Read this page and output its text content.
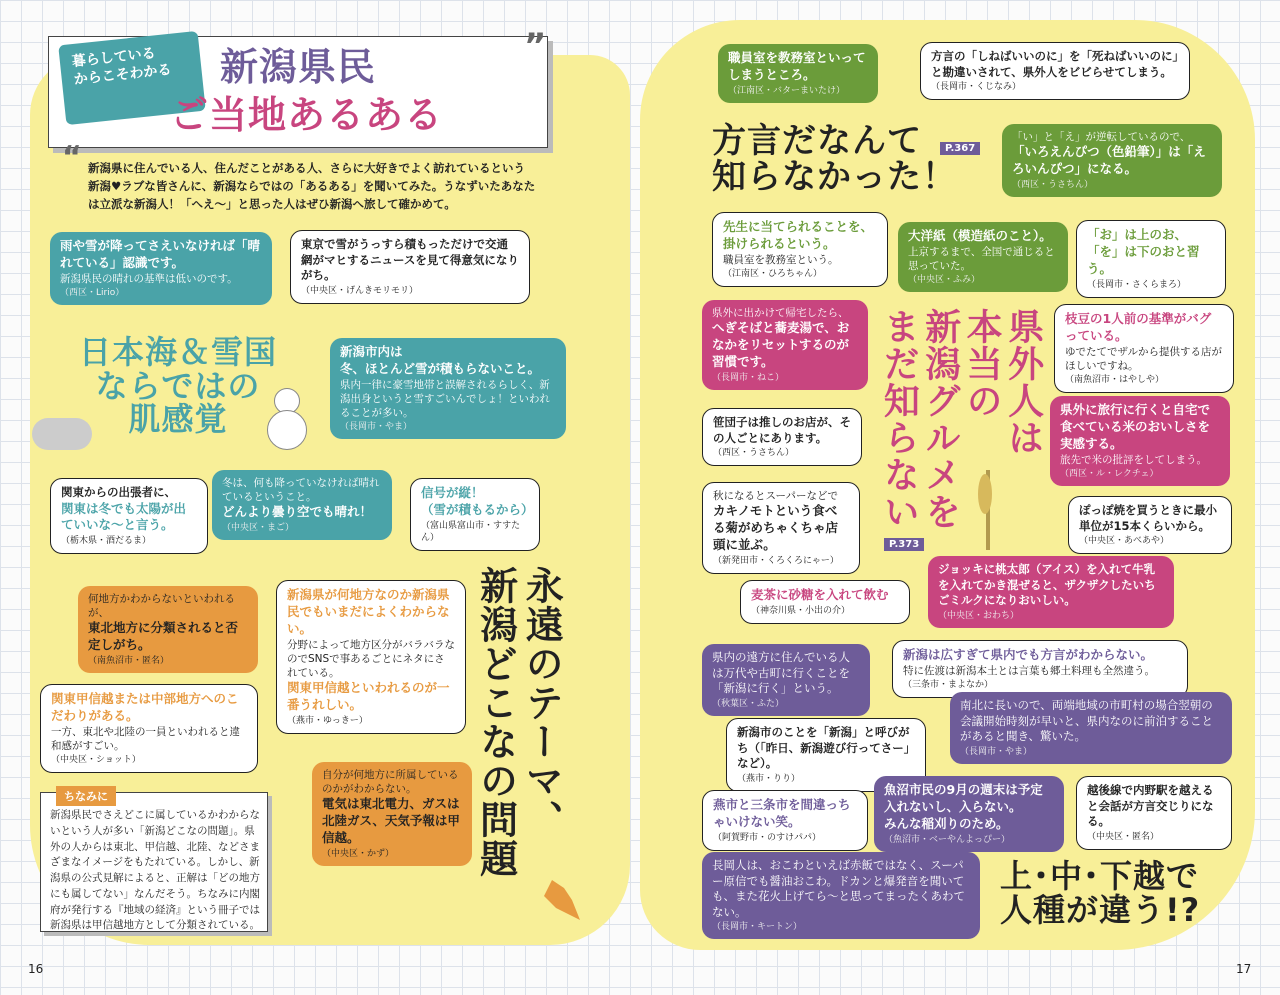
暮らしている
からこそわかる	新潟県民
ご当地あるある
”
“ 新潟県に住んでいる人、住んだことがある人、さらに大好きでよく訪れているという新潟♥ラブな皆さんに、新潟ならではの「あるある」を聞いてみた。うなずいたあなたは立派な新潟人！「へえ～」と思った人はぜひ新潟へ旅して確かめて。

雨や雪が降ってさえいなければ「晴れている」認識です。

新潟県民の晴れの基準は低いのです。

（西区・Lirio）

東京で雪がうっすら積もっただけで交通網がマヒするニュースを見て得意気になりがち。

（中央区・げんきモリモリ）
日本海＆雪国
ならではの
肌感覚

新潟市内は
冬、ほとんど雪が積もらないこと。

県内一律に豪雪地帯と誤解されるらしく、新潟出身というと雪すごいんでしょ！といわれることが多い。

（長岡市・やま）

関東からの出張者に、

関東は冬でも太陽が出ていいな～と言う。

（栃木県・酒だるま）

冬は、何も降っていなければ晴れているということ。

どんより曇り空でも晴れ！

（中央区・まご）

信号が縦！
（雪が積もるから）

（富山県富山市・すすたん）

何地方かわからないといわれるが、

東北地方に分類されると否定しがち。

（南魚沼市・匿名）

新潟県が何地方なのか新潟県民でもいまだによくわからない。

分野によって地方区分がバラバラなのでSNSで事あるごとにネタにされている。

関東甲信越といわれるのが一番うれしい。

（燕市・ゆっきー）

関東甲信越または中部地方へのこだわりがある。

一方、東北や北陸の一員といわれると違和感がすごい。

（中央区・ショット）

自分が何地方に所属しているのかがわからない。

電気は東北電力、ガスは北陸ガス、天気予報は甲信越。

（中央区・かず）
永遠のテーマ、
新潟どこなの問題
ちなみに
新潟県民でさえどこに属しているかわからないという人が多い「新潟どこなの問題」。県外の人からは東北、甲信越、北陸、などさまざまなイメージをもたれている。しかし、新潟県の公式見解によると、正解は「どの地方にも属してない」なんだそう。ちなみに内閣府が発行する『地域の経済』という冊子では新潟県は甲信越地方として分類されている。

職員室を教務室といってしまうところ。

（江南区・バターまいたけ）

方言の「しねばいいのに」を「死ねばいいのに」と勘違いされて、県外人をビビらせてしまう。

（長岡市・くじなみ）
方言だなんて
知らなかった！
P.367

「い」と「え」が逆転しているので、

「いろえんぴつ（色鉛筆）」は「えろいんぴつ」になる。

（西区・うさちん）

先生に当てられることを、掛けられるという。

職員室を教務室という。

（江南区・ひろちゃん）

大洋紙（模造紙のこと）。

上京するまで、全国で通じると思っていた。

（中央区・ふみ）

「お」は上のお、
「を」は下のおと習う。

（長岡市・さくらまろ）

県外に出かけて帰宅したら、

へぎそばと蕎麦湯で、おなかをリセットするのが習慣です。

（長岡市・ねこ）	県外人は
本当の
新潟グルメを
まだ知らない
P.373

枝豆の1人前の基準がバグっている。

ゆでたてでザルから提供する店がほしいですね。

（南魚沼市・はやしや）

笹団子は推しのお店が、その人ごとにあります。

（西区・うさちん）

県外に旅行に行くと自宅で食べている米のおいしさを実感する。

旅先で米の批評をしてしまう。

（西区・ル・レクチェ）

秋になるとスーパーなどで

カキノモトという食べる菊がめちゃくちゃ店頭に並ぶ。

（新発田市・くろくろにゃー）

ぽっぽ焼を買うときに最小単位が15本くらいから。

（中央区・あべあや）

ジョッキに桃太郎（アイス）を入れて牛乳を入れてかき混ぜると、ザクザクしたいちごミルクになりおいしい。

（中央区・おわち）

麦茶に砂糖を入れて飲む

（神奈川県・小出の介）

県内の遠方に住んでいる人は万代や古町に行くことを「新潟に行く」という。

（秋葉区・ふた）

新潟は広すぎて県内でも方言がわからない。

特に佐渡は新潟本土とは言葉も郷土料理も全然違う。

（三条市・まよなか）

南北に長いので、両端地域の市町村の場合翌朝の会議開始時刻が早いと、県内なのに前泊することがあると聞き、驚いた。

（長岡市・やま）

新潟市のことを「新潟」と呼びがち（「昨日、新潟遊び行ってさー」など）。

（燕市・りり）

燕市と三条市を間違っちゃいけない笑。

（阿賀野市・のすけパパ）

魚沼市民の9月の週末は予定入れないし、入らない。

みんな稲刈りのため。

（魚沼市・ベーやんよっぴー）

越後線で内野駅を越えると会話が方言交じりになる。

（中央区・匿名）

長岡人は、おこわといえば赤飯ではなく、スーパー原信でも醤油おこわ。ドカンと爆発音を聞いても、また花火上げてら～と思ってまったくあわてない。

（長岡市・キートン）
上･中･下越で
人種が違う!?
16	17
